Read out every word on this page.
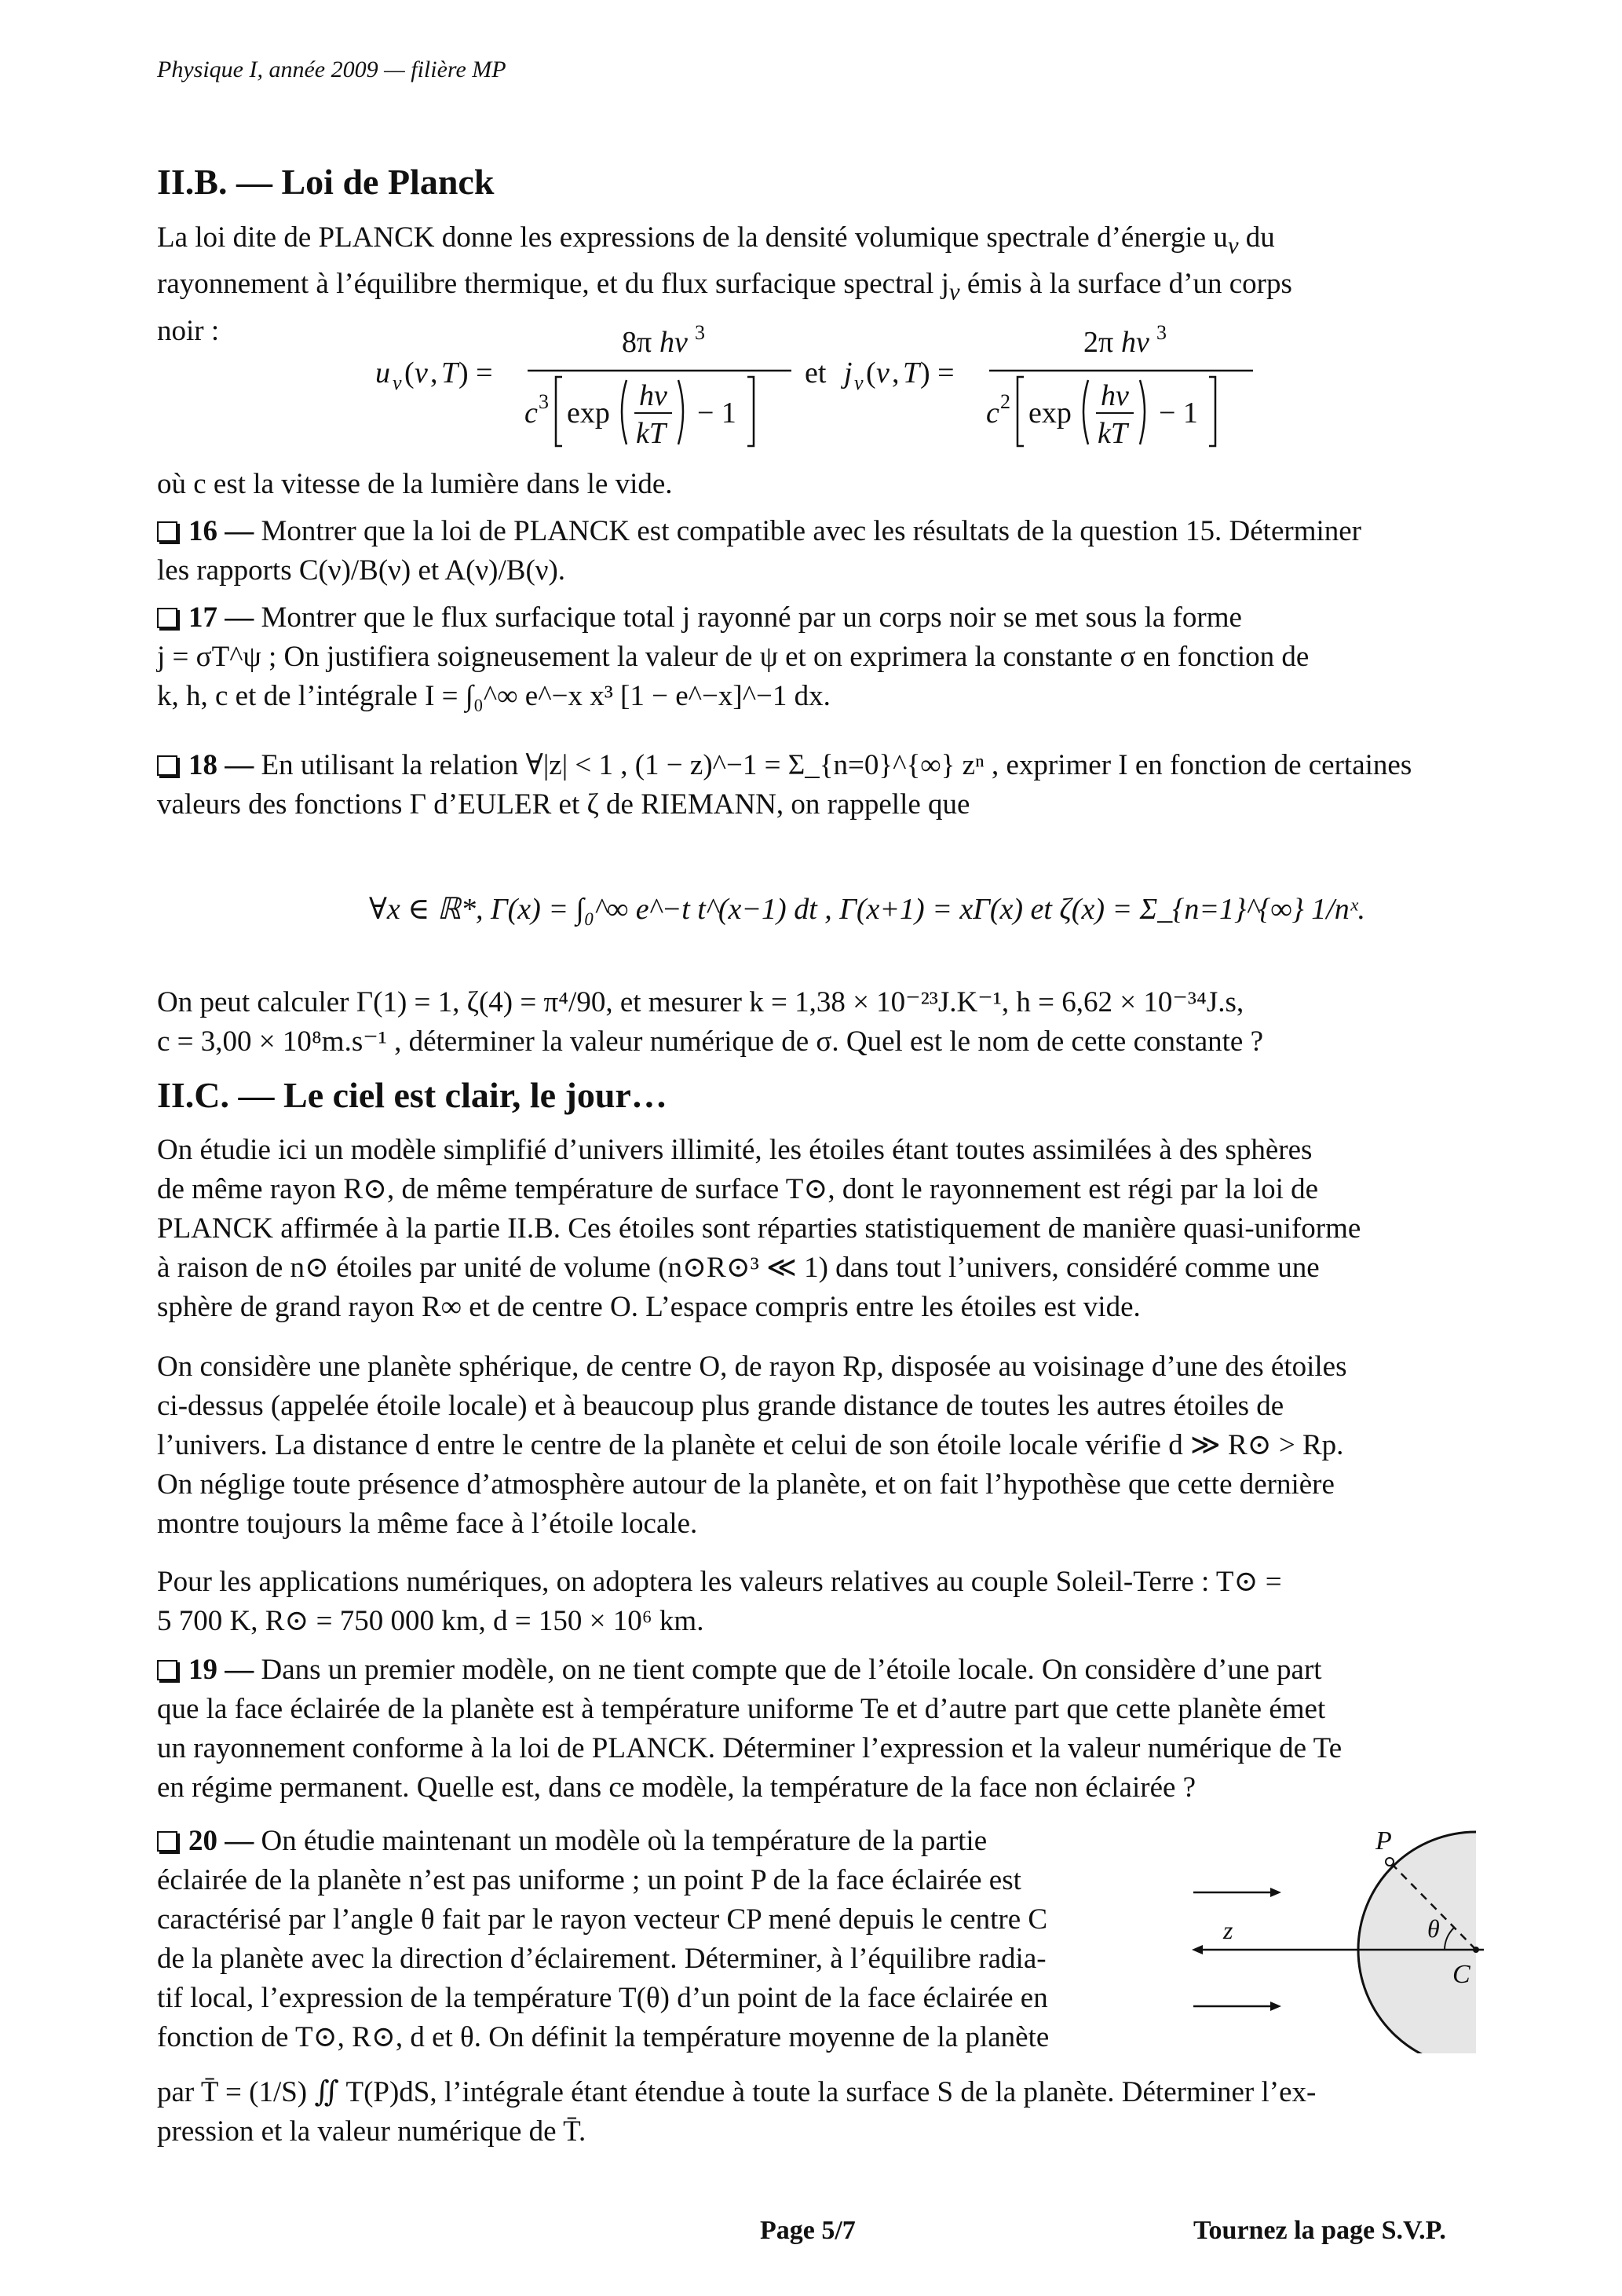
Physique I, année 2009 — filière MP
II.B. — Loi de Planck
La loi dite de PLANCK donne les expressions de la densité volumique spectrale d’énergie $u_\nu$ du
rayonnement à l’équilibre thermique, et du flux surfacique spectral $j_\nu$ émis à la surface d’un corps
noir :
u ν ( ν , T ) =
8π hν 3
c 3 exp
hν
kT
− 1
et j ν ( ν , T ) =
2π hν 3
c 2 exp
hν
kT
− 1
où c est la vitesse de la lumière dans le vide.
16 — Montrer que la loi de PLANCK est compatible avec les résultats de la question 15. Déterminer
les rapports C(ν)/B(ν) et A(ν)/B(ν).
17 — Montrer que le flux surfacique total j rayonné par un corps noir se met sous la forme
j = σT^ψ ; On justifiera soigneusement la valeur de ψ et on exprimera la constante σ en fonction de
k, h, c et de l’intégrale I = ∫₀^∞ e^−x x³ [1 − e^−x]^−1 dx.
18 — En utilisant la relation ∀|z| < 1 , (1 − z)^−1 = Σ_{n=0}^{∞} zⁿ , exprimer I en fonction de certaines
valeurs des fonctions Γ d’EULER et ζ de RIEMANN, on rappelle que
∀x ∈ ℝ*, Γ(x) = ∫₀^∞ e^−t t^(x−1) dt , Γ(x+1) = xΓ(x) et ζ(x) = Σ_{n=1}^{∞} 1/nˣ.
On peut calculer Γ(1) = 1, ζ(4) = π⁴/90, et mesurer k = 1,38 × 10⁻²³J.K⁻¹, h = 6,62 × 10⁻³⁴J.s,
c = 3,00 × 10⁸m.s⁻¹ , déterminer la valeur numérique de σ. Quel est le nom de cette constante ?
II.C. — Le ciel est clair, le jour…
On étudie ici un modèle simplifié d’univers illimité, les étoiles étant toutes assimilées à des sphères
de même rayon R⊙, de même température de surface T⊙, dont le rayonnement est régi par la loi de
PLANCK affirmée à la partie II.B. Ces étoiles sont réparties statistiquement de manière quasi-uniforme
à raison de n⊙ étoiles par unité de volume (n⊙R⊙³ ≪ 1) dans tout l’univers, considéré comme une
sphère de grand rayon R∞ et de centre O. L’espace compris entre les étoiles est vide.
On considère une planète sphérique, de centre O, de rayon Rp, disposée au voisinage d’une des étoiles
ci-dessus (appelée étoile locale) et à beaucoup plus grande distance de toutes les autres étoiles de
l’univers. La distance d entre le centre de la planète et celui de son étoile locale vérifie d ≫ R⊙ > Rp.
On néglige toute présence d’atmosphère autour de la planète, et on fait l’hypothèse que cette dernière
montre toujours la même face à l’étoile locale.
Pour les applications numériques, on adoptera les valeurs relatives au couple Soleil-Terre : T⊙ =
5 700 K, R⊙ = 750 000 km, d = 150 × 10⁶ km.
19 — Dans un premier modèle, on ne tient compte que de l’étoile locale. On considère d’une part
que la face éclairée de la planète est à température uniforme Te et d’autre part que cette planète émet
un rayonnement conforme à la loi de PLANCK. Déterminer l’expression et la valeur numérique de Te
en régime permanent. Quelle est, dans ce modèle, la température de la face non éclairée ?
20 — On étudie maintenant un modèle où la température de la partie
éclairée de la planète n’est pas uniforme ; un point P de la face éclairée est
caractérisé par l’angle θ fait par le rayon vecteur CP mené depuis le centre C
de la planète avec la direction d’éclairement. Déterminer, à l’équilibre radia-
tif local, l’expression de la température T(θ) d’un point de la face éclairée en
fonction de T⊙, R⊙, d et θ. On définit la température moyenne de la planète
par T̄ = (1/S) ∬ T(P)dS, l’intégrale étant étendue à toute la surface S de la planète. Déterminer l’ex-
pression et la valeur numérique de T̄.
P
z	θ
C
Page 5/7	Tournez la page S.V.P.
